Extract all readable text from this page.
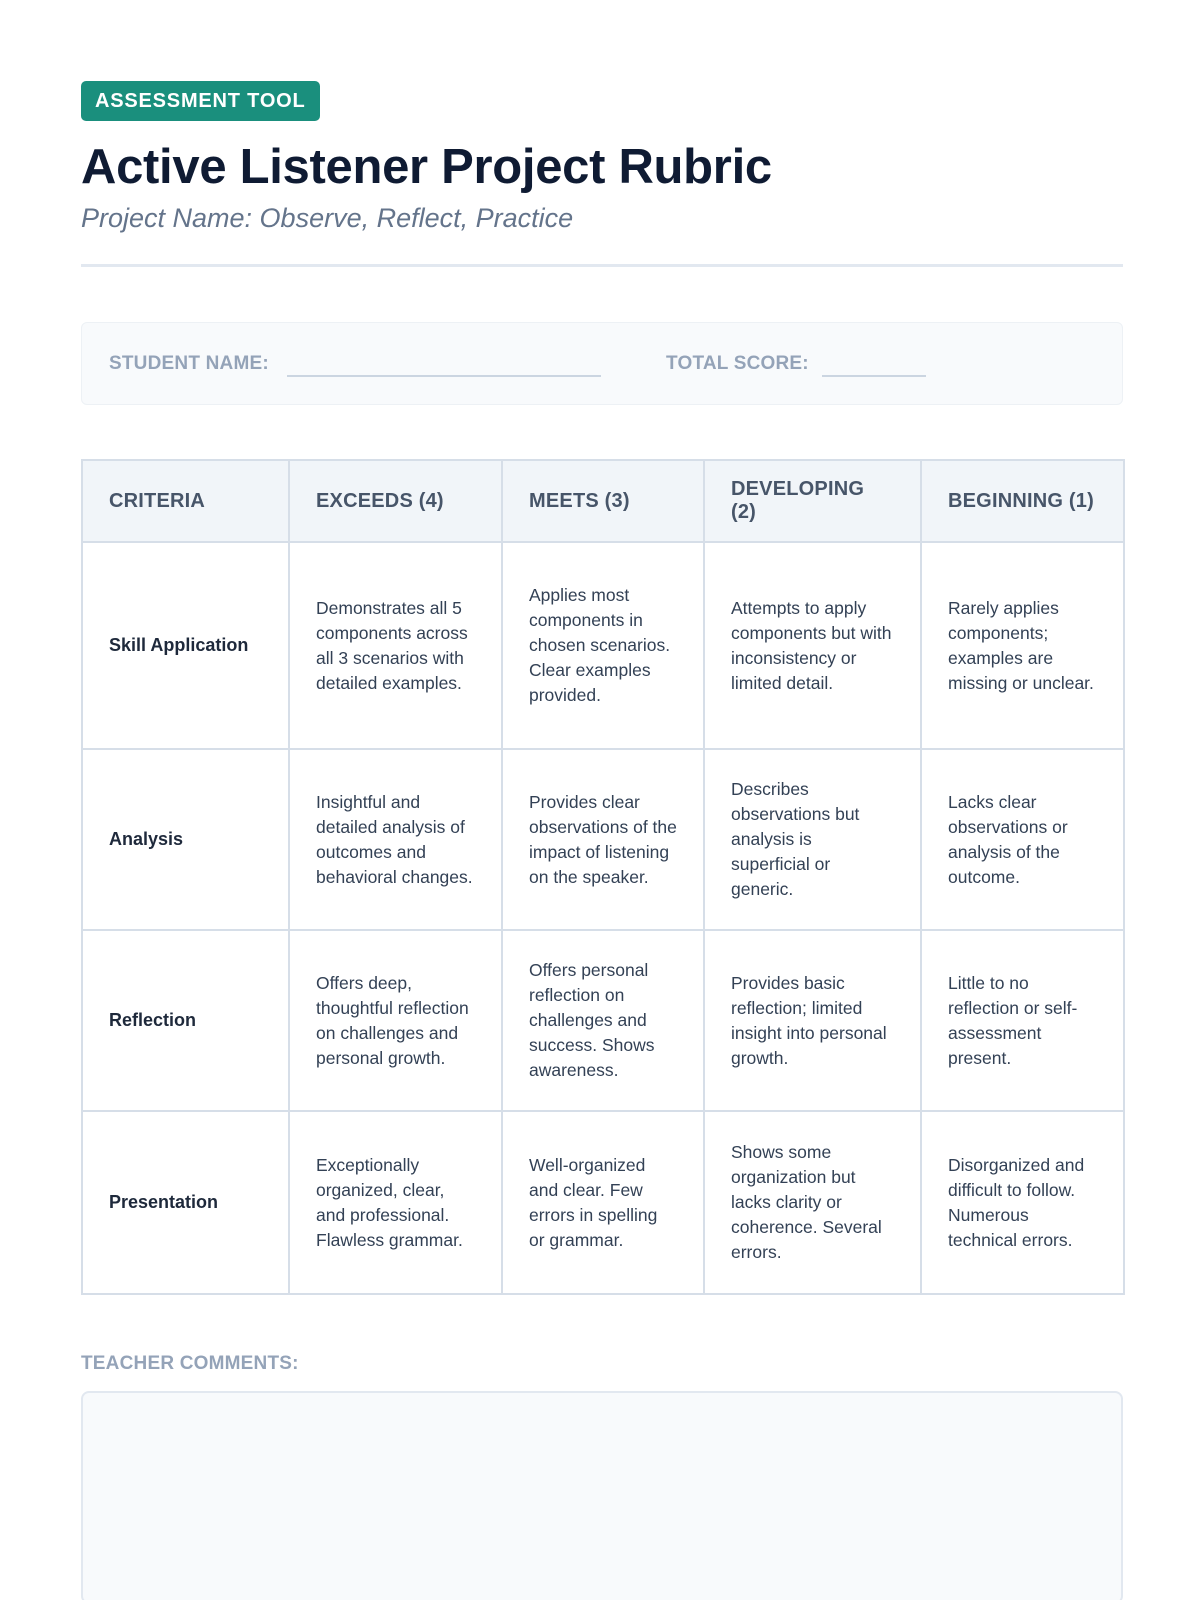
ASSESSMENT TOOL
Active Listener Project Rubric
Project Name: Observe, Reflect, Practice
STUDENT NAME:	TOTAL SCORE:
CRITERIA	EXCEEDS (4)	MEETS (3)	DEVELOPING (2)	BEGINNING (1)
Skill Application	Demonstrates all 5 components across all 3 scenarios with detailed examples.	Applies most components in chosen scenarios. Clear examples provided.	Attempts to apply components but with inconsistency or limited detail.	Rarely applies components; examples are missing or unclear.
Analysis	Insightful and detailed analysis of outcomes and behavioral changes.	Provides clear observations of the impact of listening on the speaker.	Describes observations but analysis is superficial or generic.	Lacks clear observations or analysis of the outcome.
Reflection	Offers deep, thoughtful reflection on challenges and personal growth.	Offers personal reflection on challenges and success. Shows awareness.	Provides basic reflection; limited insight into personal growth.	Little to no reflection or self-assessment present.
Presentation	Exceptionally organized, clear, and professional. Flawless grammar.	Well-organized and clear. Few errors in spelling or grammar.	Shows some organization but lacks clarity or coherence. Several errors.	Disorganized and difficult to follow. Numerous technical errors.
TEACHER COMMENTS:
